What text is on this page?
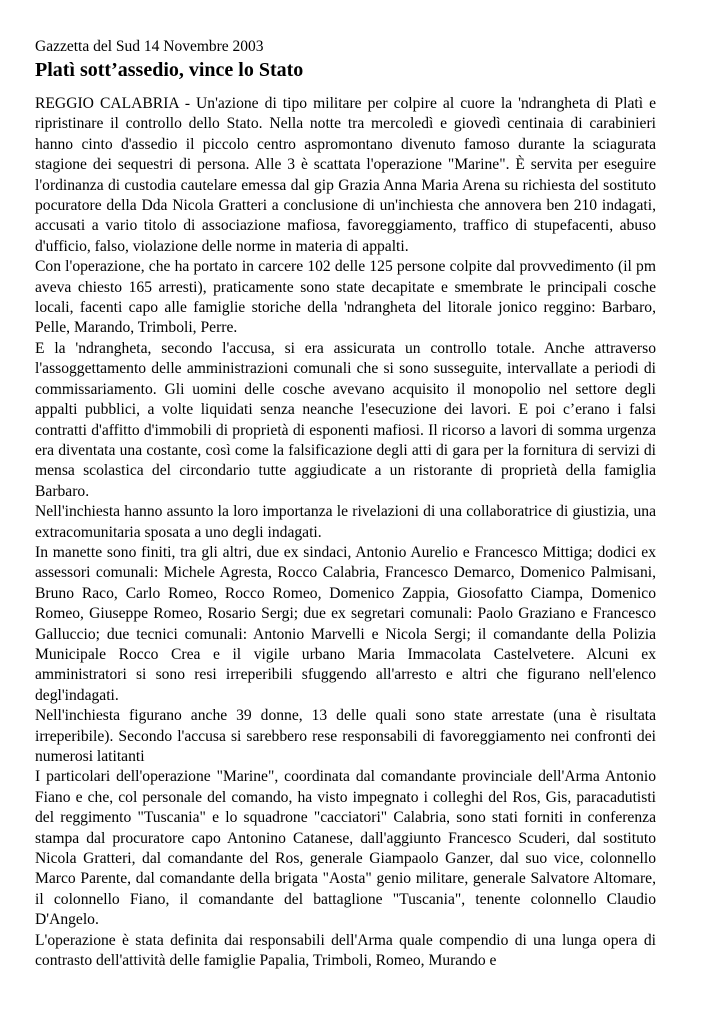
Gazzetta del Sud 14 Novembre 2003

Platì sott’assedio, vince lo Stato

REGGIO CALABRIA - Un'azione di tipo militare per colpire al cuore la 'ndrangheta di Platì e ripristinare il controllo dello Stato. Nella notte tra mercoledì e giovedì centinaia di carabinieri hanno cinto d'assedio il piccolo centro aspromontano divenuto famoso durante la sciagurata stagione dei sequestri di persona. Alle 3 è scattata l'operazione "Marine". È servita per eseguire l'ordinanza di custodia cautelare emessa dal gip Grazia Anna Maria Arena su richiesta del sostituto pocuratore della Dda Nicola Gratteri a conclusione di un'inchiesta che annovera ben 210 indagati, accusati a vario titolo di associazione mafiosa, favoreggiamento, traffico di stupefacenti, abuso d'ufficio, falso, violazione delle norme in materia di appalti.

Con l'operazione, che ha portato in carcere 102 delle 125 persone colpite dal provvedimento (il pm aveva chiesto 165 arresti), praticamente sono state decapitate e smembrate le principali cosche locali, facenti capo alle famiglie storiche della 'ndrangheta del litorale jonico reggino: Barbaro, Pelle, Marando, Trimboli, Perre.

E la 'ndrangheta, secondo l'accusa, si era assicurata un controllo totale. Anche attraverso l'assoggettamento delle amministrazioni comunali che si sono susseguite, intervallate a periodi di commissariamento. Gli uomini delle cosche avevano acquisito il monopolio nel settore degli appalti pubblici, a volte liquidati senza neanche l'esecuzione dei lavori. E poi c’erano i falsi contratti d'affitto d'immobili di proprietà di esponenti mafiosi. Il ricorso a lavori di somma urgenza era diventata una costante, così come la falsificazione degli atti di gara per la fornitura di servizi di mensa scolastica del circondario tutte aggiudicate a un ristorante di proprietà della famiglia Barbaro.

Nell'inchiesta hanno assunto la loro importanza le rivelazioni di una collaboratrice di giustizia, una extracomunitaria sposata a uno degli indagati.

In manette sono finiti, tra gli altri, due ex sindaci, Antonio Aurelio e Francesco Mittiga; dodici ex assessori comunali: Michele Agresta, Rocco Calabria, Francesco Demarco, Domenico Palmisani, Bruno Raco, Carlo Romeo, Rocco Romeo, Domenico Zappia, Giosofatto Ciampa, Domenico Romeo, Giuseppe Romeo, Rosario Sergi; due ex segretari comunali: Paolo Graziano e Francesco Galluccio; due tecnici comunali: Antonio Marvelli e Nicola Sergi; il comandante della Polizia Municipale Rocco Crea e il vigile urbano Maria Immacolata Castelvetere. Alcuni ex amministratori si sono resi irreperibili sfuggendo all'arresto e altri che figurano nell'elenco degl'indagati.

Nell'inchiesta figurano anche 39 donne, 13 delle quali sono state arrestate (una è risultata irreperibile). Secondo l'accusa si sarebbero rese responsabili di favoreggiamento nei confronti dei numerosi latitanti

I particolari dell'operazione "Marine", coordinata dal comandante provinciale dell'Arma Antonio Fiano e che, col personale del comando, ha visto impegnato i colleghi del Ros, Gis, paracadutisti del reggimento "Tuscania" e lo squadrone "cacciatori" Calabria, sono stati forniti in conferenza stampa dal procuratore capo Antonino Catanese, dall'aggiunto Francesco Scuderi, dal sostituto Nicola Gratteri, dal comandante del Ros, generale Giampaolo Ganzer, dal suo vice, colonnello Marco Parente, dal comandante della brigata "Aosta" genio militare, generale Salvatore Altomare, il colonnello Fiano, il comandante del battaglione "Tuscania", tenente colonnello Claudio D'Angelo.

L'operazione è stata definita dai responsabili dell'Arma quale compendio di una lunga opera di contrasto dell'attività delle famiglie Papalia, Trimboli, Romeo, Murando e
